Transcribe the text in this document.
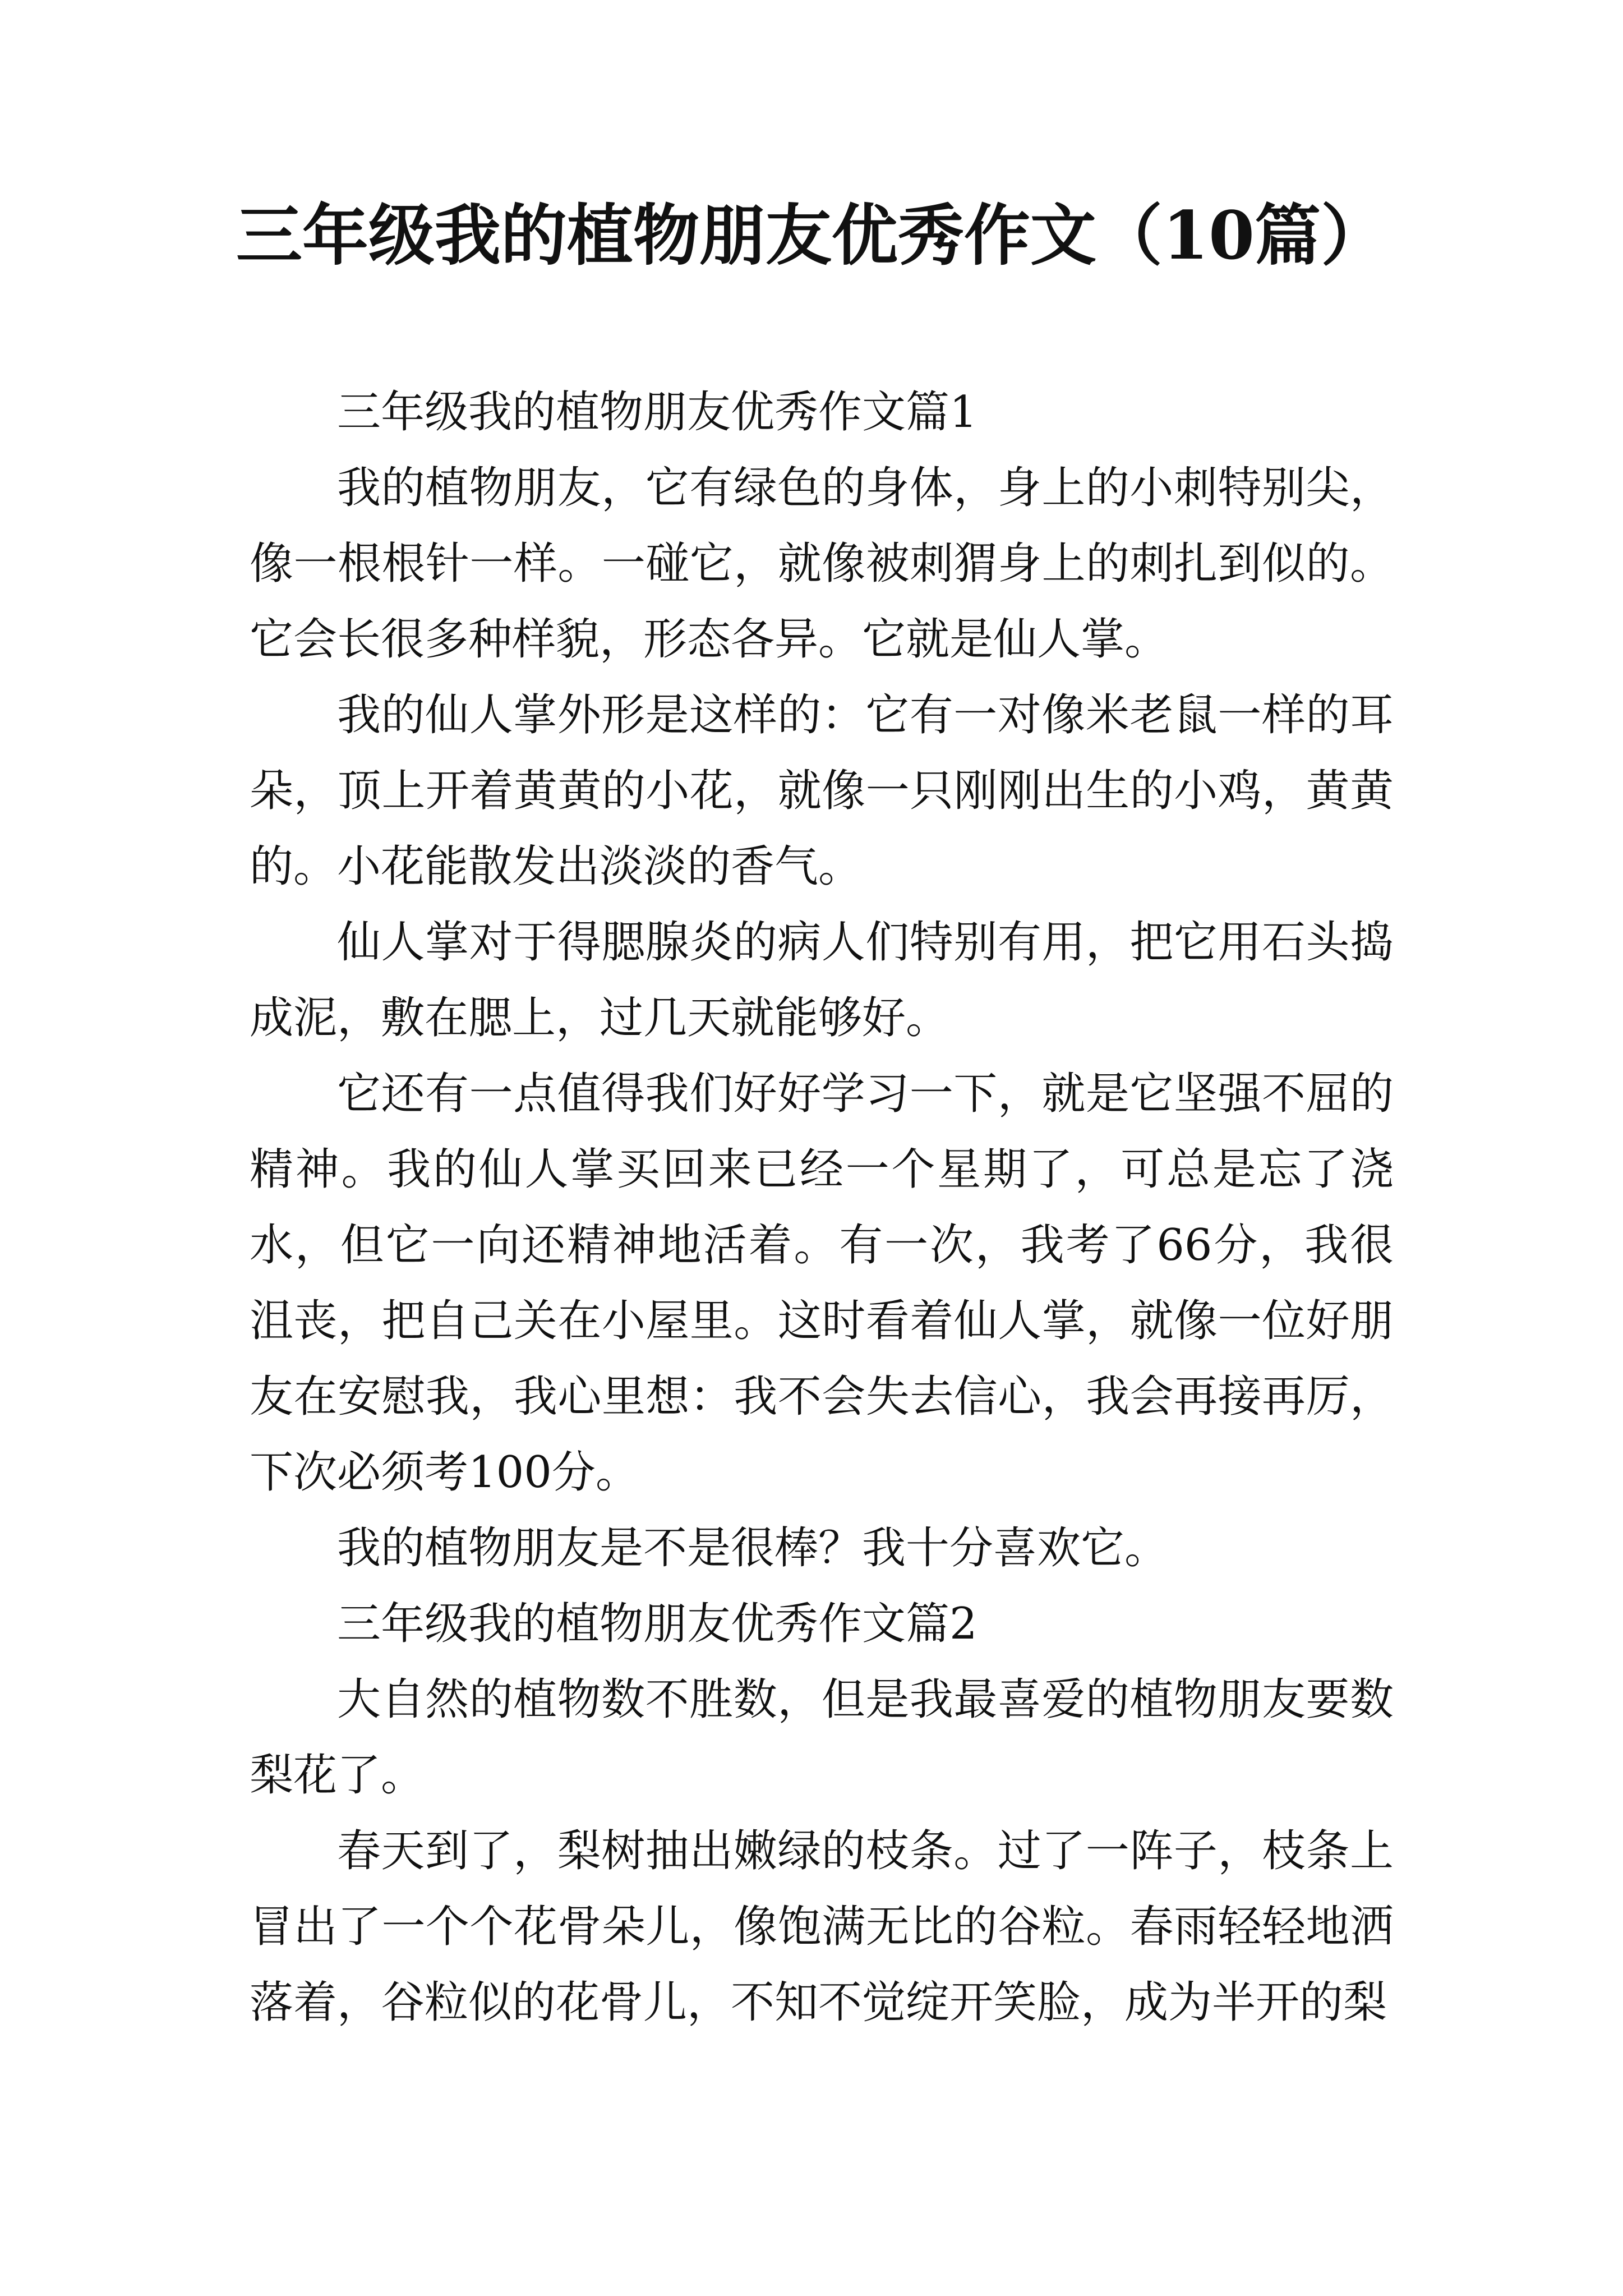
三年级我的植物朋友优秀作文（10篇）

三年级我的植物朋友优秀作文篇1

我的植物朋友，它有绿色的身体，身上的小刺特别尖，像一根根针一样。一碰它，就像被刺猬身上的刺扎到似的。它会长很多种样貌，形态各异。它就是仙人掌。

我的仙人掌外形是这样的：它有一对像米老鼠一样的耳朵，顶上开着黄黄的小花，就像一只刚刚出生的小鸡，黄黄的。小花能散发出淡淡的香气。

仙人掌对于得腮腺炎的病人们特别有用，把它用石头捣成泥，敷在腮上，过几天就能够好。

它还有一点值得我们好好学习一下，就是它坚强不屈的精神。我的仙人掌买回来已经一个星期了，可总是忘了浇水，但它一向还精神地活着。有一次，我考了66分，我很沮丧，把自己关在小屋里。这时看着仙人掌，就像一位好朋友在安慰我，我心里想：我不会失去信心，我会再接再厉，下次必须考100分。

我的植物朋友是不是很棒？我十分喜欢它。

三年级我的植物朋友优秀作文篇2

大自然的植物数不胜数，但是我最喜爱的植物朋友要数梨花了。

春天到了，梨树抽出嫩绿的枝条。过了一阵子，枝条上冒出了一个个花骨朵儿，像饱满无比的谷粒。春雨轻轻地洒落着，谷粒似的花骨儿，不知不觉绽开笑脸，成为半开的梨
